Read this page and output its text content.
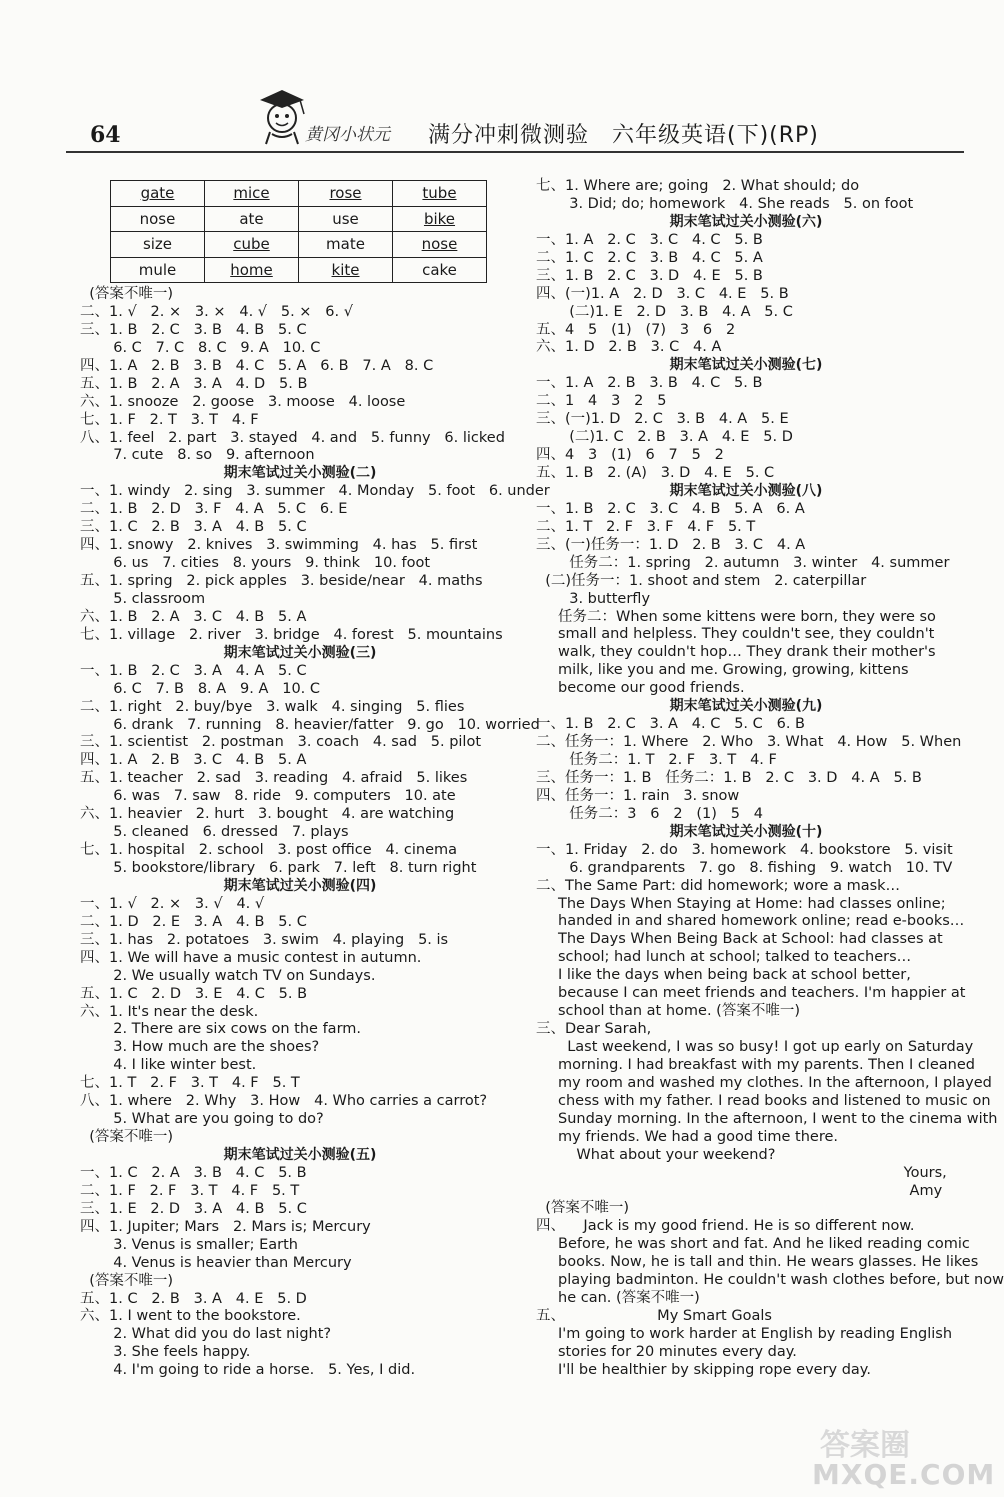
黄冈小状元
64	满分冲刺微测验　六年级英语(下)(RP)
gate	mice	rose	tube
nose	ate	use	bike
size	cube	mate	nose
mule	home	kite	cake
(答案不唯一)
二、1. √   2. ×   3. ×   4. √   5. ×   6. √
三、1. B   2. C   3. B   4. B   5. C
6. C   7. C   8. C   9. A   10. C
四、1. A   2. B   3. B   4. C   5. A   6. B   7. A   8. C
五、1. B   2. A   3. A   4. D   5. B
六、1. snooze   2. goose   3. moose   4. loose
七、1. F   2. T   3. T   4. F
八、1. feel   2. part   3. stayed   4. and   5. funny   6. licked
7. cute   8. so   9. afternoon
期末笔试过关小测验(二)
一、1. windy   2. sing   3. summer   4. Monday   5. foot   6. under
二、1. B   2. D   3. F   4. A   5. C   6. E
三、1. C   2. B   3. A   4. B   5. C
四、1. snowy   2. knives   3. swimming   4. has   5. first
6. us   7. cities   8. yours   9. think   10. foot
五、1. spring   2. pick apples   3. beside/near   4. maths
5. classroom
六、1. B   2. A   3. C   4. B   5. A
七、1. village   2. river   3. bridge   4. forest   5. mountains
期末笔试过关小测验(三)
一、1. B   2. C   3. A   4. A   5. C
6. C   7. B   8. A   9. A   10. C
二、1. right   2. buy/bye   3. walk   4. singing   5. flies
6. drank   7. running   8. heavier/fatter   9. go   10. worried
三、1. scientist   2. postman   3. coach   4. sad   5. pilot
四、1. A   2. B   3. C   4. B   5. A
五、1. teacher   2. sad   3. reading   4. afraid   5. likes
6. was   7. saw   8. ride   9. computers   10. ate
六、1. heavier   2. hurt   3. bought   4. are watching
5. cleaned   6. dressed   7. plays
七、1. hospital   2. school   3. post office   4. cinema
5. bookstore/library   6. park   7. left   8. turn right
期末笔试过关小测验(四)
一、1. √   2. ×   3. √   4. √
二、1. D   2. E   3. A   4. B   5. C
三、1. has   2. potatoes   3. swim   4. playing   5. is
四、1. We will have a music contest in autumn.
2. We usually watch TV on Sundays.
五、1. C   2. D   3. E   4. C   5. B
六、1. It's near the desk.
2. There are six cows on the farm.
3. How much are the shoes?
4. I like winter best.
七、1. T   2. F   3. T   4. F   5. T
八、1. where   2. Why   3. How   4. Who carries a carrot?
5. What are you going to do?
(答案不唯一)
期末笔试过关小测验(五)
一、1. C   2. A   3. B   4. C   5. B
二、1. F   2. F   3. T   4. F   5. T
三、1. E   2. D   3. A   4. B   5. C
四、1. Jupiter; Mars   2. Mars is; Mercury
3. Venus is smaller; Earth
4. Venus is heavier than Mercury
(答案不唯一)
五、1. C   2. B   3. A   4. E   5. D
六、1. I went to the bookstore.
2. What did you do last night?
3. She feels happy.
4. I'm going to ride a horse.   5. Yes, I did.
七、1. Where are; going   2. What should; do
3. Did; do; homework   4. She reads   5. on foot
期末笔试过关小测验(六)
一、1. A   2. C   3. C   4. C   5. B
二、1. C   2. C   3. B   4. C   5. A
三、1. B   2. C   3. D   4. E   5. B
四、(一)1. A   2. D   3. C   4. E   5. B
(二)1. E   2. D   3. B   4. A   5. C
五、4   5   (1)   (7)   3   6   2
六、1. D   2. B   3. C   4. A
期末笔试过关小测验(七)
一、1. A   2. B   3. B   4. C   5. B
二、1   4   3   2   5
三、(一)1. D   2. C   3. B   4. A   5. E
(二)1. C   2. B   3. A   4. E   5. D
四、4   3   (1)   6   7   5   2
五、1. B   2. (A)   3. D   4. E   5. C
期末笔试过关小测验(八)
一、1. B   2. C   3. C   4. B   5. A   6. A
二、1. T   2. F   3. F   4. F   5. T
三、(一)任务一：1. D   2. B   3. C   4. A
任务二：1. spring   2. autumn   3. winter   4. summer
(二)任务一：1. shoot and stem   2. caterpillar
3. butterfly
任务二：When some kittens were born, they were so
small and helpless. They couldn't see, they couldn't
walk, they couldn't hop… They drank their mother's
milk, like you and me. Growing, growing, kittens
become our good friends.
期末笔试过关小测验(九)
一、1. B   2. C   3. A   4. C   5. C   6. B
二、任务一：1. Where   2. Who   3. What   4. How   5. When
任务二：1. T   2. F   3. T   4. F
三、任务一：1. B   任务二：1. B   2. C   3. D   4. A   5. B
四、任务一：1. rain   3. snow
任务二：3   6   2   (1)   5   4
期末笔试过关小测验(十)
一、1. Friday   2. do   3. homework   4. bookstore   5. visit
6. grandparents   7. go   8. fishing   9. watch   10. TV
二、The Same Part: did homework; wore a mask…
The Days When Staying at Home: had classes online;
handed in and shared homework online; read e-books…
The Days When Being Back at School: had classes at
school; had lunch at school; talked to teachers…
I like the days when being back at school better,
because I can meet friends and teachers. I'm happier at
school than at home. (答案不唯一)
三、Dear Sarah,
Last weekend, I was so busy! I got up early on Saturday
morning. I had breakfast with my parents. Then I cleaned
my room and washed my clothes. In the afternoon, I played
chess with my father. I read books and listened to music on
Sunday morning. In the afternoon, I went to the cinema with
my friends. We had a good time there.
What about your weekend?
Yours,
Amy
(答案不唯一)
四、    Jack is my good friend. He is so different now.
Before, he was short and fat. And he liked reading comic
books. Now, he is tall and thin. He wears glasses. He likes
playing badminton. He couldn't wash clothes before, but now
he can. (答案不唯一)
五、                    My Smart Goals
I'm going to work harder at English by reading English
stories for 20 minutes every day.
I'll be healthier by skipping rope every day.
答案圈
MXQE.COM
